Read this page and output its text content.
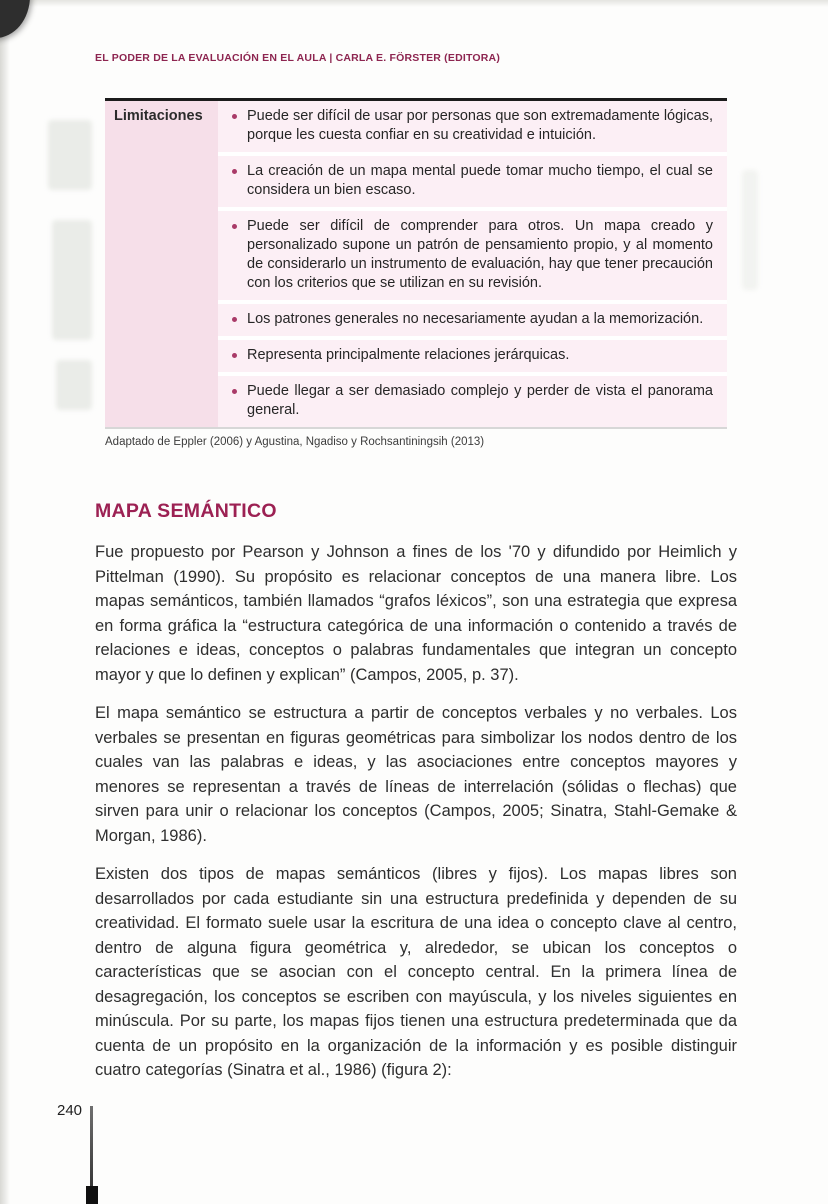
EL PODER DE LA EVALUACIÓN EN EL AULA | CARLA E. FÖRSTER (EDITORA)
Limitaciones	Puede ser difícil de usar por personas que son extremadamente lógicas, porque les cuesta confiar en su creatividad e intuición.
La creación de un mapa mental puede tomar mucho tiempo, el cual se considera un bien escaso.
Puede ser difícil de comprender para otros. Un mapa creado y personalizado supone un patrón de pensamiento propio, y al momento de considerarlo un instrumento de evaluación, hay que tener precaución con los criterios que se utilizan en su revisión.
Los patrones generales no necesariamente ayudan a la memorización.
Representa principalmente relaciones jerárquicas.
Puede llegar a ser demasiado complejo y perder de vista el panorama general.
Adaptado de Eppler (2006) y Agustina, Ngadiso y Rochsantiningsih (2013)
MAPA SEMÁNTICO

Fue propuesto por Pearson y Johnson a fines de los '70 y difundido por Heimlich y Pittelman (1990). Su propósito es relacionar conceptos de una manera libre. Los mapas semánticos, también llamados “grafos léxicos”, son una estrategia que expresa en forma gráfica la “estructura categórica de una información o contenido a través de relaciones e ideas, conceptos o palabras fundamentales que integran un concepto mayor y que lo definen y explican” (Campos, 2005, p. 37).

El mapa semántico se estructura a partir de conceptos verbales y no verbales. Los verbales se presentan en figuras geométricas para simbolizar los nodos dentro de los cuales van las palabras e ideas, y las asociaciones entre conceptos mayores y menores se representan a través de líneas de interrelación (sólidas o flechas) que sirven para unir o relacionar los conceptos (Campos, 2005; Sinatra, Stahl-Gemake & Morgan, 1986).

Existen dos tipos de mapas semánticos (libres y fijos). Los mapas libres son desarrollados por cada estudiante sin una estructura predefinida y dependen de su creatividad. El formato suele usar la escritura de una idea o concepto clave al centro, dentro de alguna figura geométrica y, alrededor, se ubican los conceptos o características que se asocian con el concepto central. En la primera línea de desagregación, los conceptos se escriben con mayúscula, y los niveles siguientes en minúscula. Por su parte, los mapas fijos tienen una estructura predeterminada que da cuenta de un propósito en la organización de la información y es posible distinguir cuatro categorías (Sinatra et al., 1986) (figura 2):

240
